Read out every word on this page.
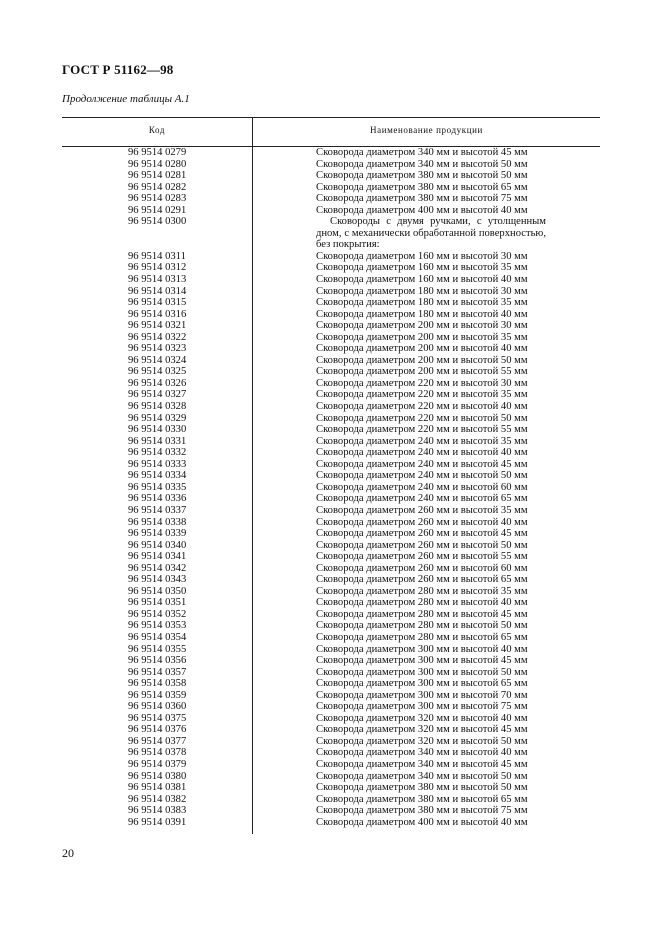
ГОСТ Р 51162—98
Продолжение таблицы А.1
Код	Наименование продукции
96 9514 0279	Сковорода диаметром 340 мм и высотой 45 мм
96 9514 0280	Сковорода диаметром 340 мм и высотой 50 мм
96 9514 0281	Сковорода диаметром 380 мм и высотой 50 мм
96 9514 0282	Сковорода диаметром 380 мм и высотой 65 мм
96 9514 0283	Сковорода диаметром 380 мм и высотой 75 мм
96 9514 0291	Сковорода диаметром 400 мм и высотой 40 мм
96 9514 0300	Сковороды с двумя ручками, с утолщенным дном, с механически обработанной поверхностью, без покрытия:
96 9514 0311	Сковорода диаметром 160 мм и высотой 30 мм
96 9514 0312	Сковорода диаметром 160 мм и высотой 35 мм
96 9514 0313	Сковорода диаметром 160 мм и высотой 40 мм
96 9514 0314	Сковорода диаметром 180 мм и высотой 30 мм
96 9514 0315	Сковорода диаметром 180 мм и высотой 35 мм
96 9514 0316	Сковорода диаметром 180 мм и высотой 40 мм
96 9514 0321	Сковорода диаметром 200 мм и высотой 30 мм
96 9514 0322	Сковорода диаметром 200 мм и высотой 35 мм
96 9514 0323	Сковорода диаметром 200 мм и высотой 40 мм
96 9514 0324	Сковорода диаметром 200 мм и высотой 50 мм
96 9514 0325	Сковорода диаметром 200 мм и высотой 55 мм
96 9514 0326	Сковорода диаметром 220 мм и высотой 30 мм
96 9514 0327	Сковорода диаметром 220 мм и высотой 35 мм
96 9514 0328	Сковорода диаметром 220 мм и высотой 40 мм
96 9514 0329	Сковорода диаметром 220 мм и высотой 50 мм
96 9514 0330	Сковорода диаметром 220 мм и высотой 55 мм
96 9514 0331	Сковорода диаметром 240 мм и высотой 35 мм
96 9514 0332	Сковорода диаметром 240 мм и высотой 40 мм
96 9514 0333	Сковорода диаметром 240 мм и высотой 45 мм
96 9514 0334	Сковорода диаметром 240 мм и высотой 50 мм
96 9514 0335	Сковорода диаметром 240 мм и высотой 60 мм
96 9514 0336	Сковорода диаметром 240 мм и высотой 65 мм
96 9514 0337	Сковорода диаметром 260 мм и высотой 35 мм
96 9514 0338	Сковорода диаметром 260 мм и высотой 40 мм
96 9514 0339	Сковорода диаметром 260 мм и высотой 45 мм
96 9514 0340	Сковорода диаметром 260 мм и высотой 50 мм
96 9514 0341	Сковорода диаметром 260 мм и высотой 55 мм
96 9514 0342	Сковорода диаметром 260 мм и высотой 60 мм
96 9514 0343	Сковорода диаметром 260 мм и высотой 65 мм
96 9514 0350	Сковорода диаметром 280 мм и высотой 35 мм
96 9514 0351	Сковорода диаметром 280 мм и высотой 40 мм
96 9514 0352	Сковорода диаметром 280 мм и высотой 45 мм
96 9514 0353	Сковорода диаметром 280 мм и высотой 50 мм
96 9514 0354	Сковорода диаметром 280 мм и высотой 65 мм
96 9514 0355	Сковорода диаметром 300 мм и высотой 40 мм
96 9514 0356	Сковорода диаметром 300 мм и высотой 45 мм
96 9514 0357	Сковорода диаметром 300 мм и высотой 50 мм
96 9514 0358	Сковорода диаметром 300 мм и высотой 65 мм
96 9514 0359	Сковорода диаметром 300 мм и высотой 70 мм
96 9514 0360	Сковорода диаметром 300 мм и высотой 75 мм
96 9514 0375	Сковорода диаметром 320 мм и высотой 40 мм
96 9514 0376	Сковорода диаметром 320 мм и высотой 45 мм
96 9514 0377	Сковорода диаметром 320 мм и высотой 50 мм
96 9514 0378	Сковорода диаметром 340 мм и высотой 40 мм
96 9514 0379	Сковорода диаметром 340 мм и высотой 45 мм
96 9514 0380	Сковорода диаметром 340 мм и высотой 50 мм
96 9514 0381	Сковорода диаметром 380 мм и высотой 50 мм
96 9514 0382	Сковорода диаметром 380 мм и высотой 65 мм
96 9514 0383	Сковорода диаметром 380 мм и высотой 75 мм
96 9514 0391	Сковорода диаметром 400 мм и высотой 40 мм
20
